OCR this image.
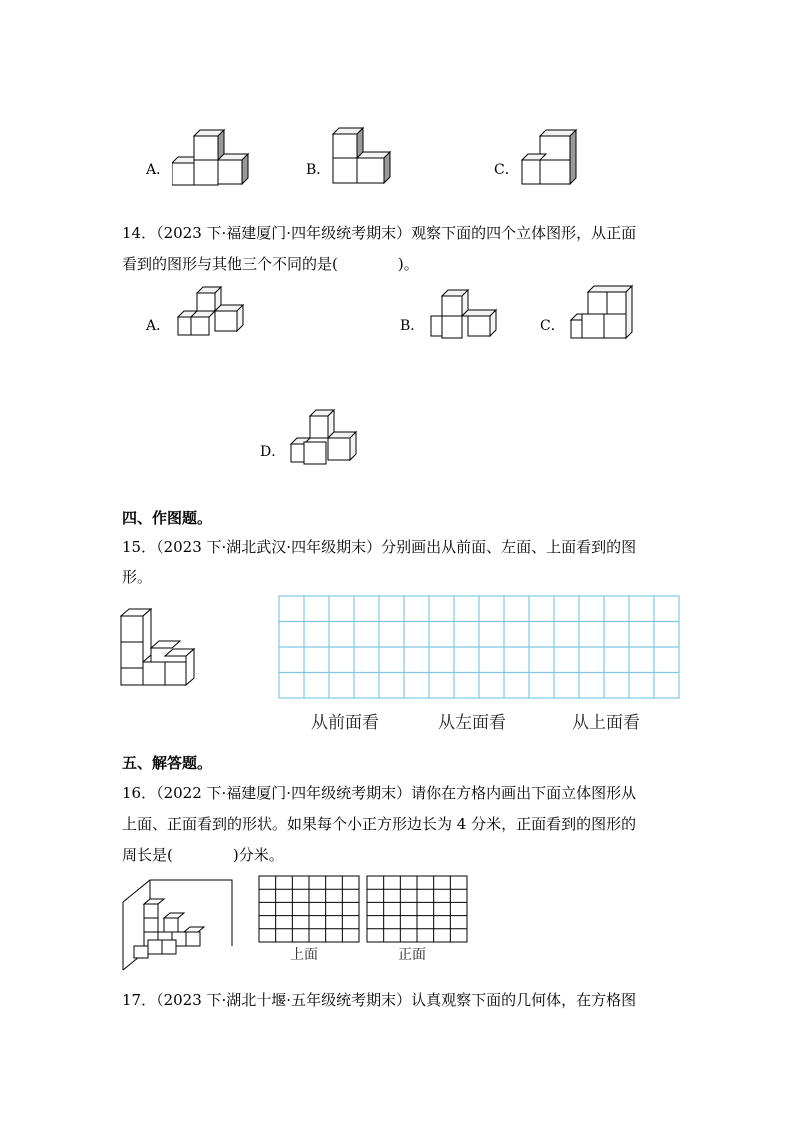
A．	B．	C．
14．（2023 下·福建厦门·四年级统考期末）观察下面的四个立体图形，从正面
看到的图形与其他三个不同的是(　　　　)。
A．	B．	C．
D．
四、作图题。
15．（2023 下·湖北武汉·四年级期末）分别画出从前面、左面、上面看到的图
形。
从前面看	从左面看	从上面看
五、解答题。
16．（2022 下·福建厦门·四年级统考期末）请你在方格内画出下面立体图形从
上面、正面看到的形状。如果每个小正方形边长为 4 分米，正面看到的图形的
周长是(　　　　)分米。
上面	正面
17．（2023 下·湖北十堰·五年级统考期末）认真观察下面的几何体，在方格图
